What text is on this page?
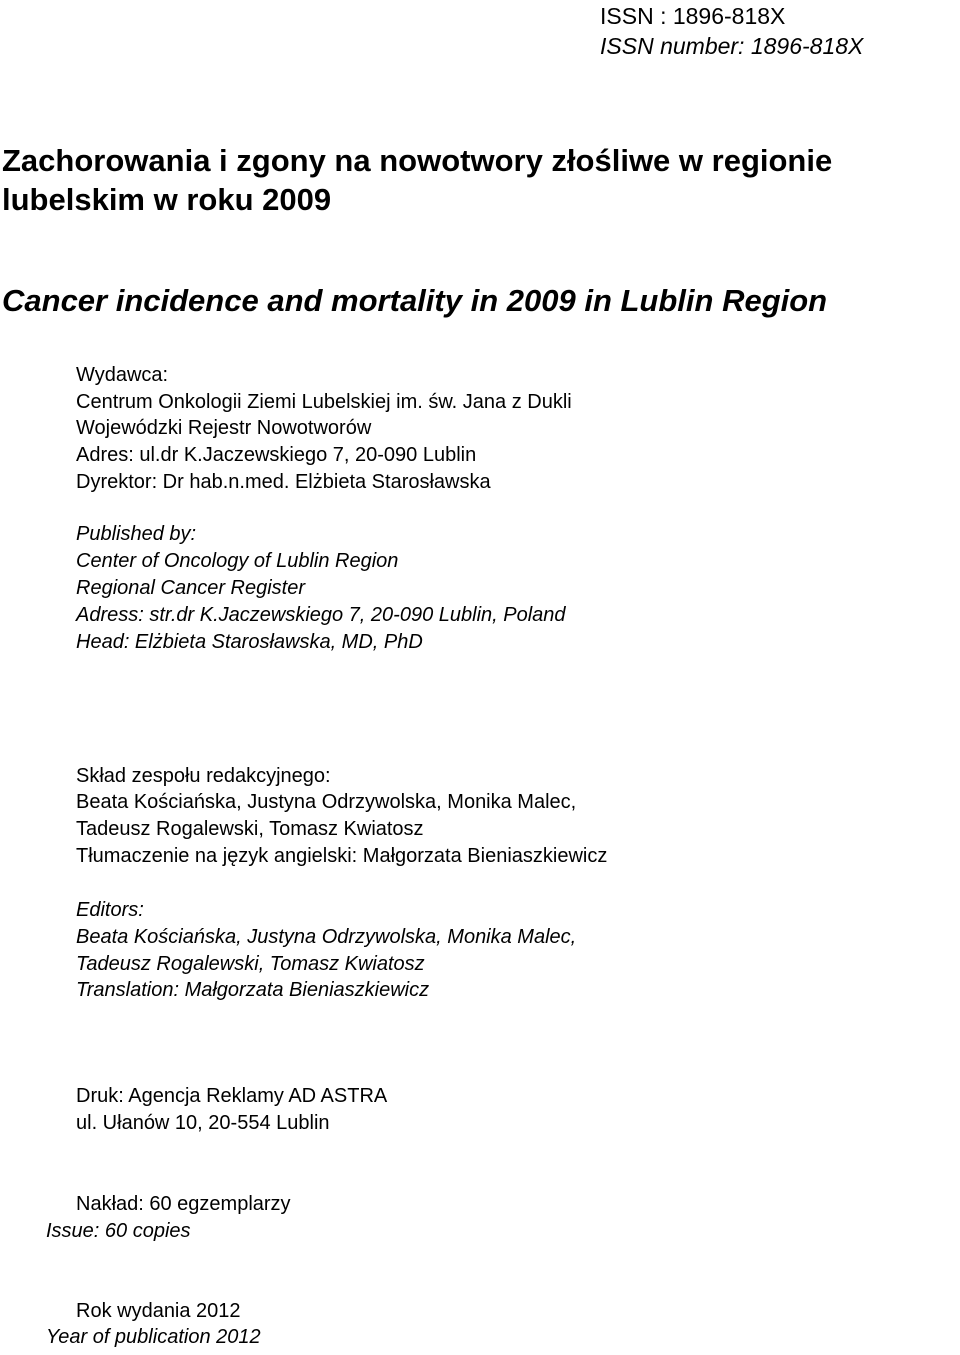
ISSN : 1896-818X

ISSN number: 1896-818X

Zachorowania i zgony na nowotwory złośliwe w regionie

lubelskim w roku 2009

Cancer incidence and mortality in 2009 in Lublin Region

Wydawca:

Centrum Onkologii Ziemi Lubelskiej im. św. Jana z Dukli

Wojewódzki Rejestr Nowotworów

Adres: ul.dr K.Jaczewskiego 7, 20-090 Lublin

Dyrektor: Dr hab.n.med. Elżbieta Starosławska

Published by:

Center of Oncology of Lublin Region

Regional Cancer Register

Adress: str.dr K.Jaczewskiego 7, 20-090 Lublin, Poland

Head: Elżbieta Starosławska, MD, PhD

Skład zespołu redakcyjnego:

Beata Kościańska, Justyna Odrzywolska, Monika Malec,

Tadeusz Rogalewski, Tomasz Kwiatosz

Tłumaczenie na język angielski: Małgorzata Bieniaszkiewicz

Editors:

Beata Kościańska, Justyna Odrzywolska, Monika Malec,

Tadeusz Rogalewski, Tomasz Kwiatosz

Translation: Małgorzata Bieniaszkiewicz

Druk: Agencja Reklamy AD ASTRA

ul. Ułanów 10, 20-554 Lublin

Nakład: 60 egzemplarzy

Issue: 60 copies

Rok wydania 2012

Year of publication 2012
